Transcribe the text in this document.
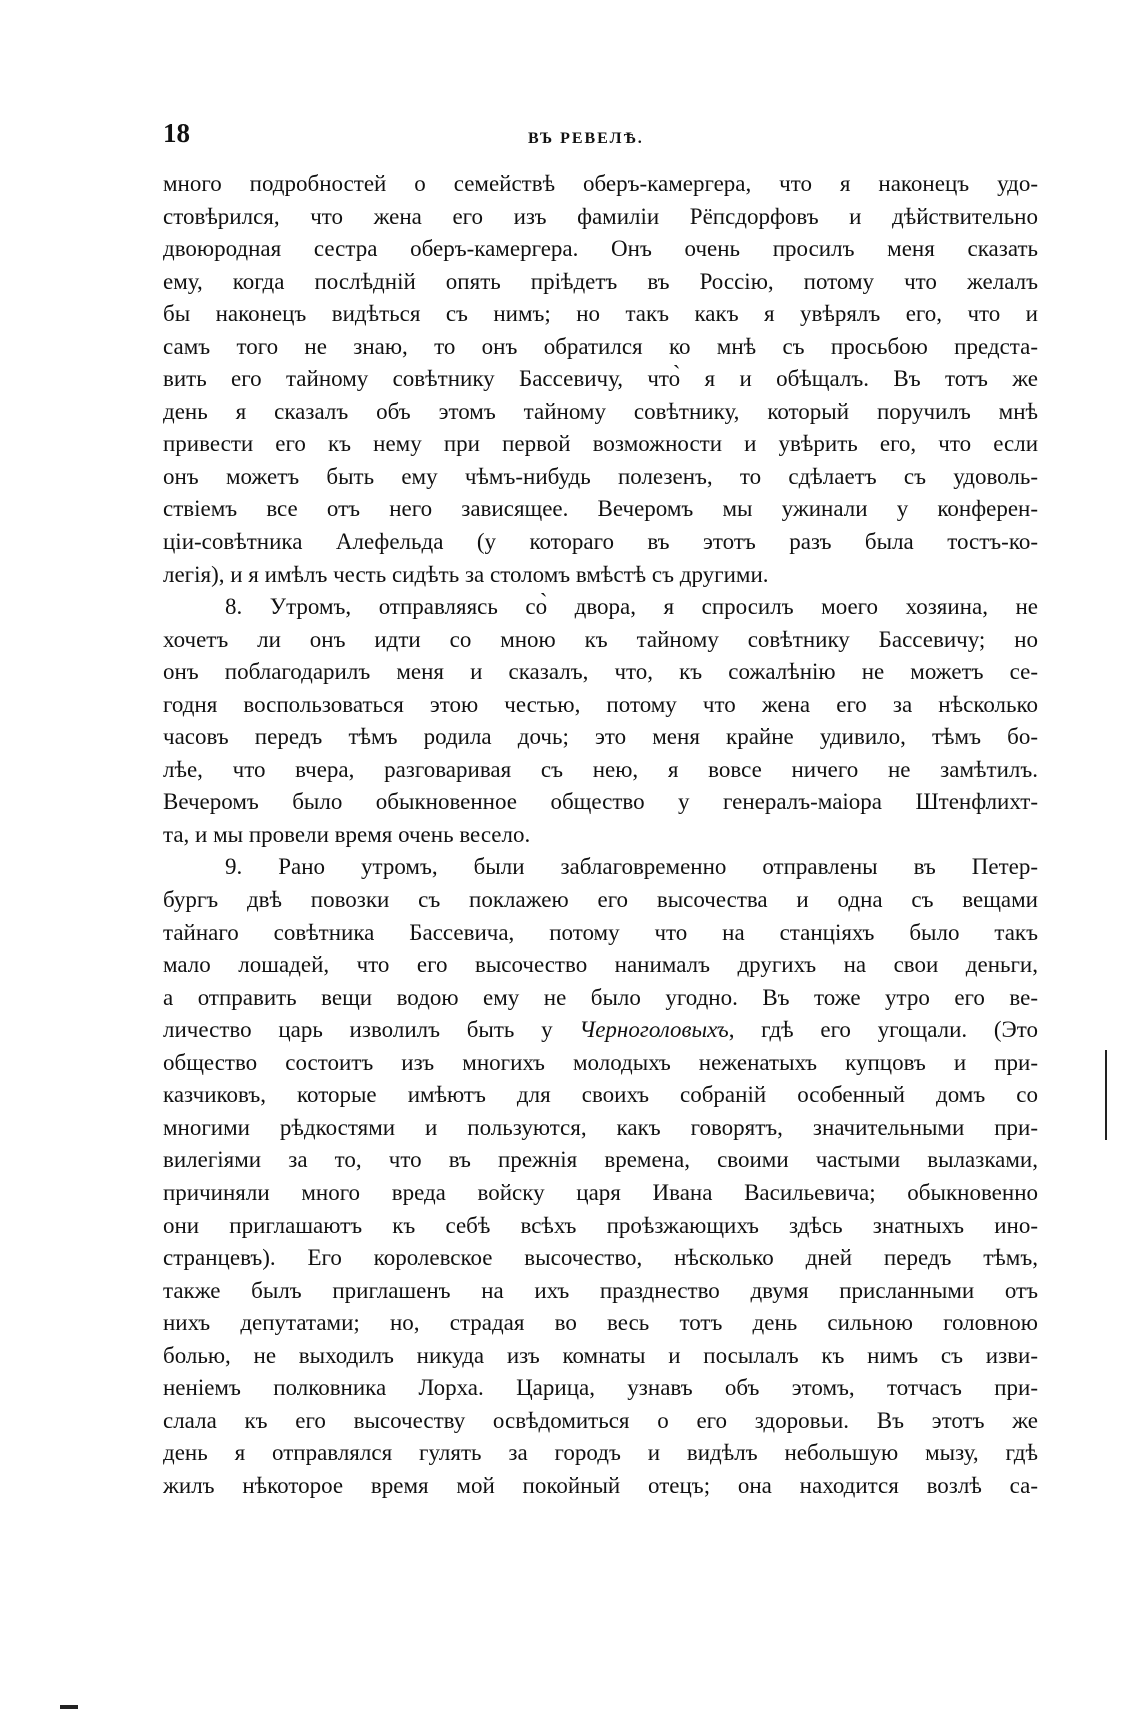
18	ВЪ РЕВЕЛѢ.
много подробностей о семействѣ оберъ-камергера, что я наконецъ удо-
стовѣрился, что жена его изъ фамиліи Рёпсдорфовъ и дѣйствительно
двоюродная сестра оберъ-камергера. Онъ очень просилъ меня сказать
ему, когда послѣдній опять пріѣдетъ въ Россію, потому что желалъ
бы наконецъ видѣться съ нимъ; но такъ какъ я увѣрялъ его, что и
самъ того не знаю, то онъ обратился ко мнѣ съ просьбою предста-
вить его тайному совѣтнику Бассевичу, что̀ я и обѣщалъ. Въ тотъ же
день я сказалъ объ этомъ тайному совѣтнику, который поручилъ мнѣ
привести его къ нему при первой возможности и увѣрить его, что если
онъ можетъ быть ему чѣмъ-нибудь полезенъ, то сдѣлаетъ съ удоволь-
ствіемъ все отъ него зависящее. Вечеромъ мы ужинали у конферен-
ціи-совѣтника Алефельда (у котораго въ этотъ разъ была тостъ-ко-
легія), и я имѣлъ честь сидѣть за столомъ вмѣстѣ съ другими.
8. Утромъ, отправляясь со̀ двора, я спросилъ моего хозяина, не
хочетъ ли онъ идти со мною къ тайному совѣтнику Бассевичу; но
онъ поблагодарилъ меня и сказалъ, что, къ сожалѣнію не можетъ се-
годня воспользоваться этою честью, потому что жена его за нѣсколько
часовъ передъ тѣмъ родила дочь; это меня крайне удивило, тѣмъ бо-
лѣе, что вчера, разговаривая съ нею, я вовсе ничего не замѣтилъ.
Вечеромъ было обыкновенное общество у генералъ-маіора Штенфлихт-
та, и мы провели время очень весело.
9. Рано утромъ, были заблаговременно отправлены въ Петер-
бургъ двѣ повозки съ поклажею его высочества и одна съ вещами
тайнаго совѣтника Бассевича, потому что на станціяхъ было такъ
мало лошадей, что его высочество нанималъ другихъ на свои деньги,
а отправить вещи водою ему не было угодно. Въ тоже утро его ве-
личество царь изволилъ быть у Черноголовыхъ, гдѣ его угощали. (Это
общество состоитъ изъ многихъ молодыхъ неженатыхъ купцовъ и при-
казчиковъ, которые имѣютъ для своихъ собраній особенный домъ со
многими рѣдкостями и пользуются, какъ говорятъ, значительными при-
вилегіями за то, что въ прежнія времена, своими частыми вылазками,
причиняли много вреда войску царя Ивана Васильевича; обыкновенно
они приглашаютъ къ себѣ всѣхъ проѣзжающихъ здѣсь знатныхъ ино-
странцевъ). Его королевское высочество, нѣсколько дней передъ тѣмъ,
также былъ приглашенъ на ихъ празднество двумя присланными отъ
нихъ депутатами; но, страдая во весь тотъ день сильною головною
болью, не выходилъ никуда изъ комнаты и посылалъ къ нимъ съ изви-
неніемъ полковника Лорха. Царица, узнавъ объ этомъ, тотчасъ при-
слала къ его высочеству освѣдомиться о его здоровьи. Въ этотъ же
день я отправлялся гулять за городъ и видѣлъ небольшую мызу, гдѣ
жилъ нѣкоторое время мой покойный отецъ; она находится возлѣ са-
